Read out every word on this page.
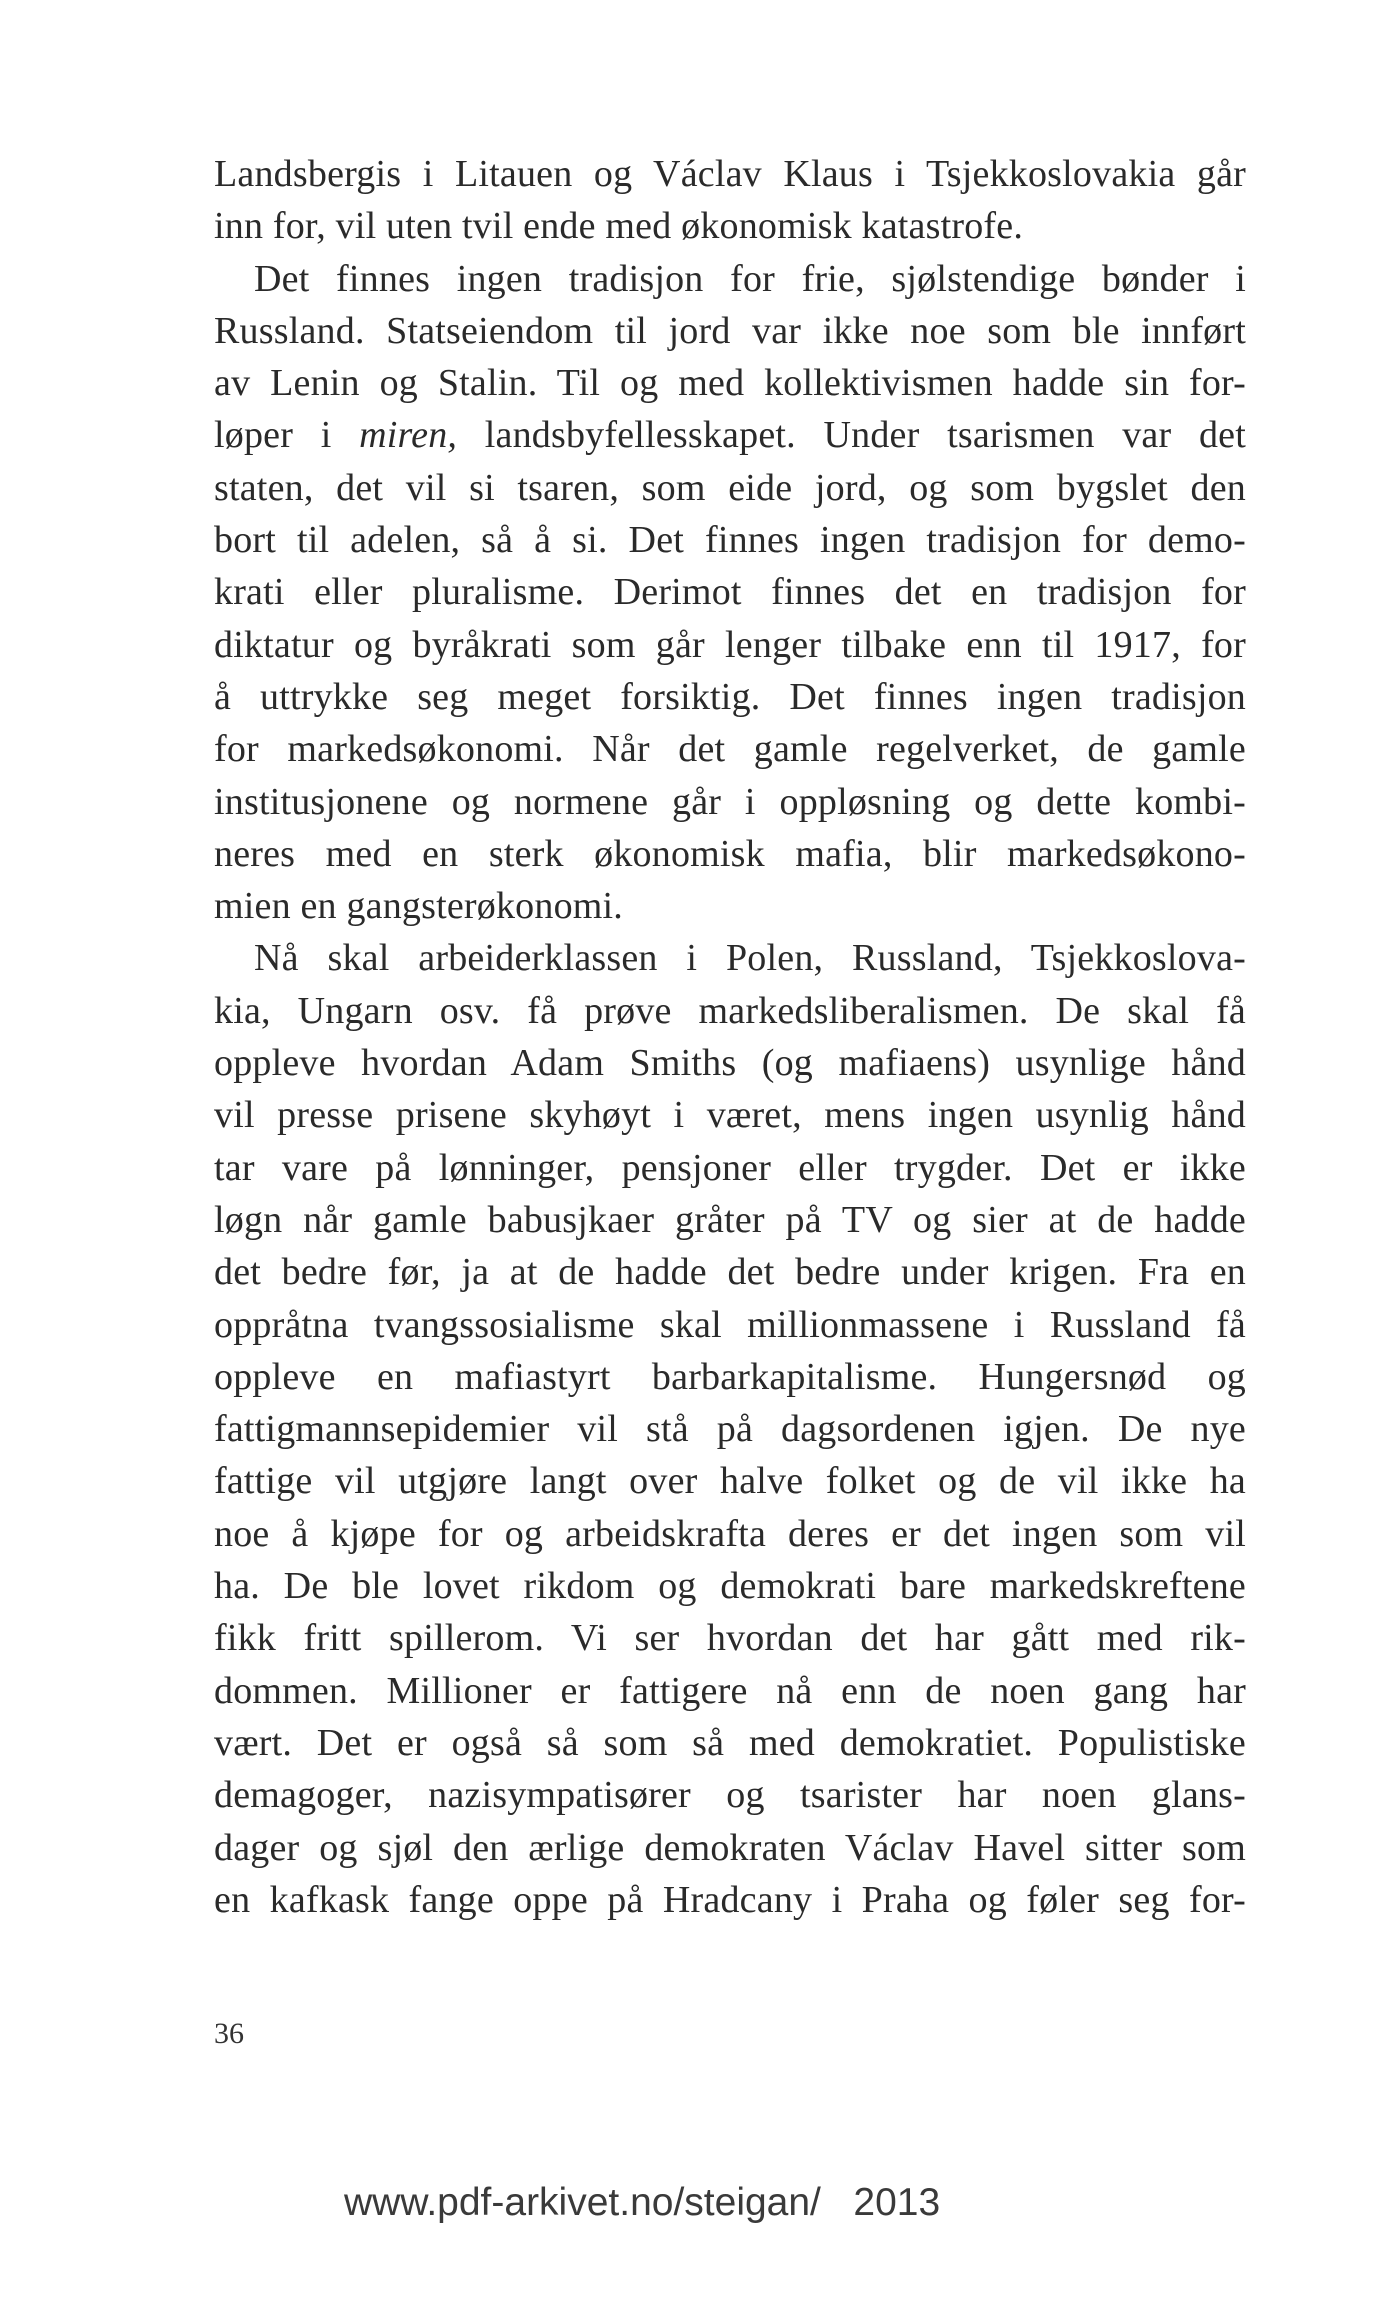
Landsbergis i Litauen og Václav Klaus i Tsjekkoslovakia går
inn for, vil uten tvil ende med økonomisk katastrofe.
Det finnes ingen tradisjon for frie, sjølstendige bønder i
Russland. Statseiendom til jord var ikke noe som ble innført
av Lenin og Stalin. Til og med kollektivismen hadde sin for-
løper i miren, landsbyfellesskapet. Under tsarismen var det
staten, det vil si tsaren, som eide jord, og som bygslet den
bort til adelen, så å si. Det finnes ingen tradisjon for demo-
krati eller pluralisme. Derimot finnes det en tradisjon for
diktatur og byråkrati som går lenger tilbake enn til 1917, for
å uttrykke seg meget forsiktig. Det finnes ingen tradisjon
for markedsøkonomi. Når det gamle regelverket, de gamle
institusjonene og normene går i oppløsning og dette kombi-
neres med en sterk økonomisk mafia, blir markedsøkono-
mien en gangsterøkonomi.
Nå skal arbeiderklassen i Polen, Russland, Tsjekkoslova-
kia, Ungarn osv. få prøve markedsliberalismen. De skal få
oppleve hvordan Adam Smiths (og mafiaens) usynlige hånd
vil presse prisene skyhøyt i været, mens ingen usynlig hånd
tar vare på lønninger, pensjoner eller trygder. Det er ikke
løgn når gamle babusjkaer gråter på TV og sier at de hadde
det bedre før, ja at de hadde det bedre under krigen. Fra en
oppråtna tvangssosialisme skal millionmassene i Russland få
oppleve en mafiastyrt barbarkapitalisme. Hungersnød og
fattigmannsepidemier vil stå på dagsordenen igjen. De nye
fattige vil utgjøre langt over halve folket og de vil ikke ha
noe å kjøpe for og arbeidskrafta deres er det ingen som vil
ha. De ble lovet rikdom og demokrati bare markedskreftene
fikk fritt spillerom. Vi ser hvordan det har gått med rik-
dommen. Millioner er fattigere nå enn de noen gang har
vært. Det er også så som så med demokratiet. Populistiske
demagoger, nazisympatisører og tsarister har noen glans-
dager og sjøl den ærlige demokraten Václav Havel sitter som
en kafkask fange oppe på Hradcany i Praha og føler seg for-
36
www.pdf-arkivet.no/steigan/   2013
